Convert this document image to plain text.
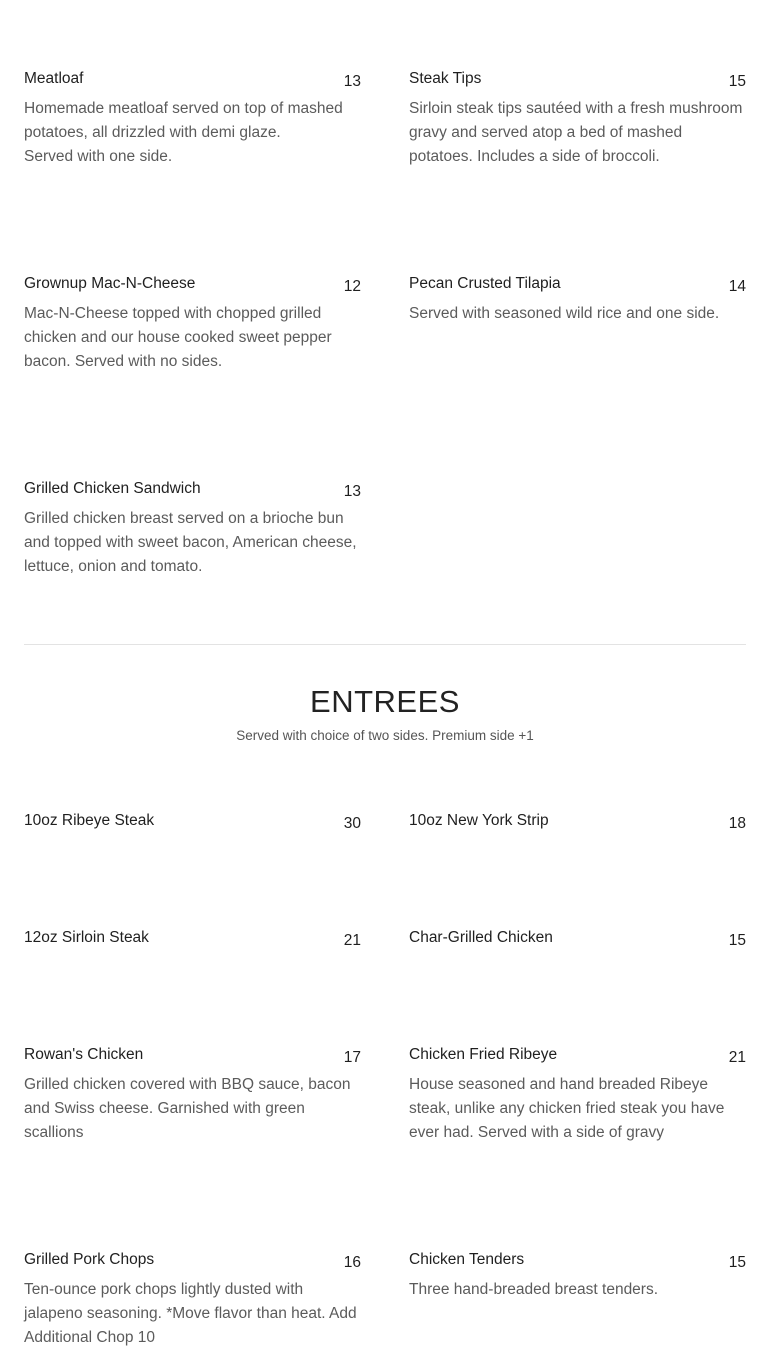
Meatloaf	13
Homemade meatloaf served on top of mashed potatoes, all drizzled with demi glaze.
Served with one side.
Steak Tips	15
Sirloin steak tips sautéed with a fresh mushroom gravy and served atop a bed of mashed potatoes. Includes a side of broccoli.
Grownup Mac-N-Cheese	12
Mac-N-Cheese topped with chopped grilled chicken and our house cooked sweet pepper bacon. Served with no sides.
Pecan Crusted Tilapia	14
Served with seasoned wild rice and one side.
Grilled Chicken Sandwich	13
Grilled chicken breast served on a brioche bun and topped with sweet bacon, American cheese, lettuce, onion and tomato.
ENTREES
Served with choice of two sides. Premium side +1
10oz Ribeye Steak	30	10oz New York Strip	18
12oz Sirloin Steak	21	Char-Grilled Chicken	15
Rowan's Chicken	17
Grilled chicken covered with BBQ sauce, bacon and Swiss cheese. Garnished with green scallions
Chicken Fried Ribeye	21
House seasoned and hand breaded Ribeye steak, unlike any chicken fried steak you have ever had. Served with a side of gravy
Grilled Pork Chops	16
Ten-ounce pork chops lightly dusted with jalapeno seasoning. *Move flavor than heat. Add Additional Chop 10
Chicken Tenders	15
Three hand-breaded breast tenders.
